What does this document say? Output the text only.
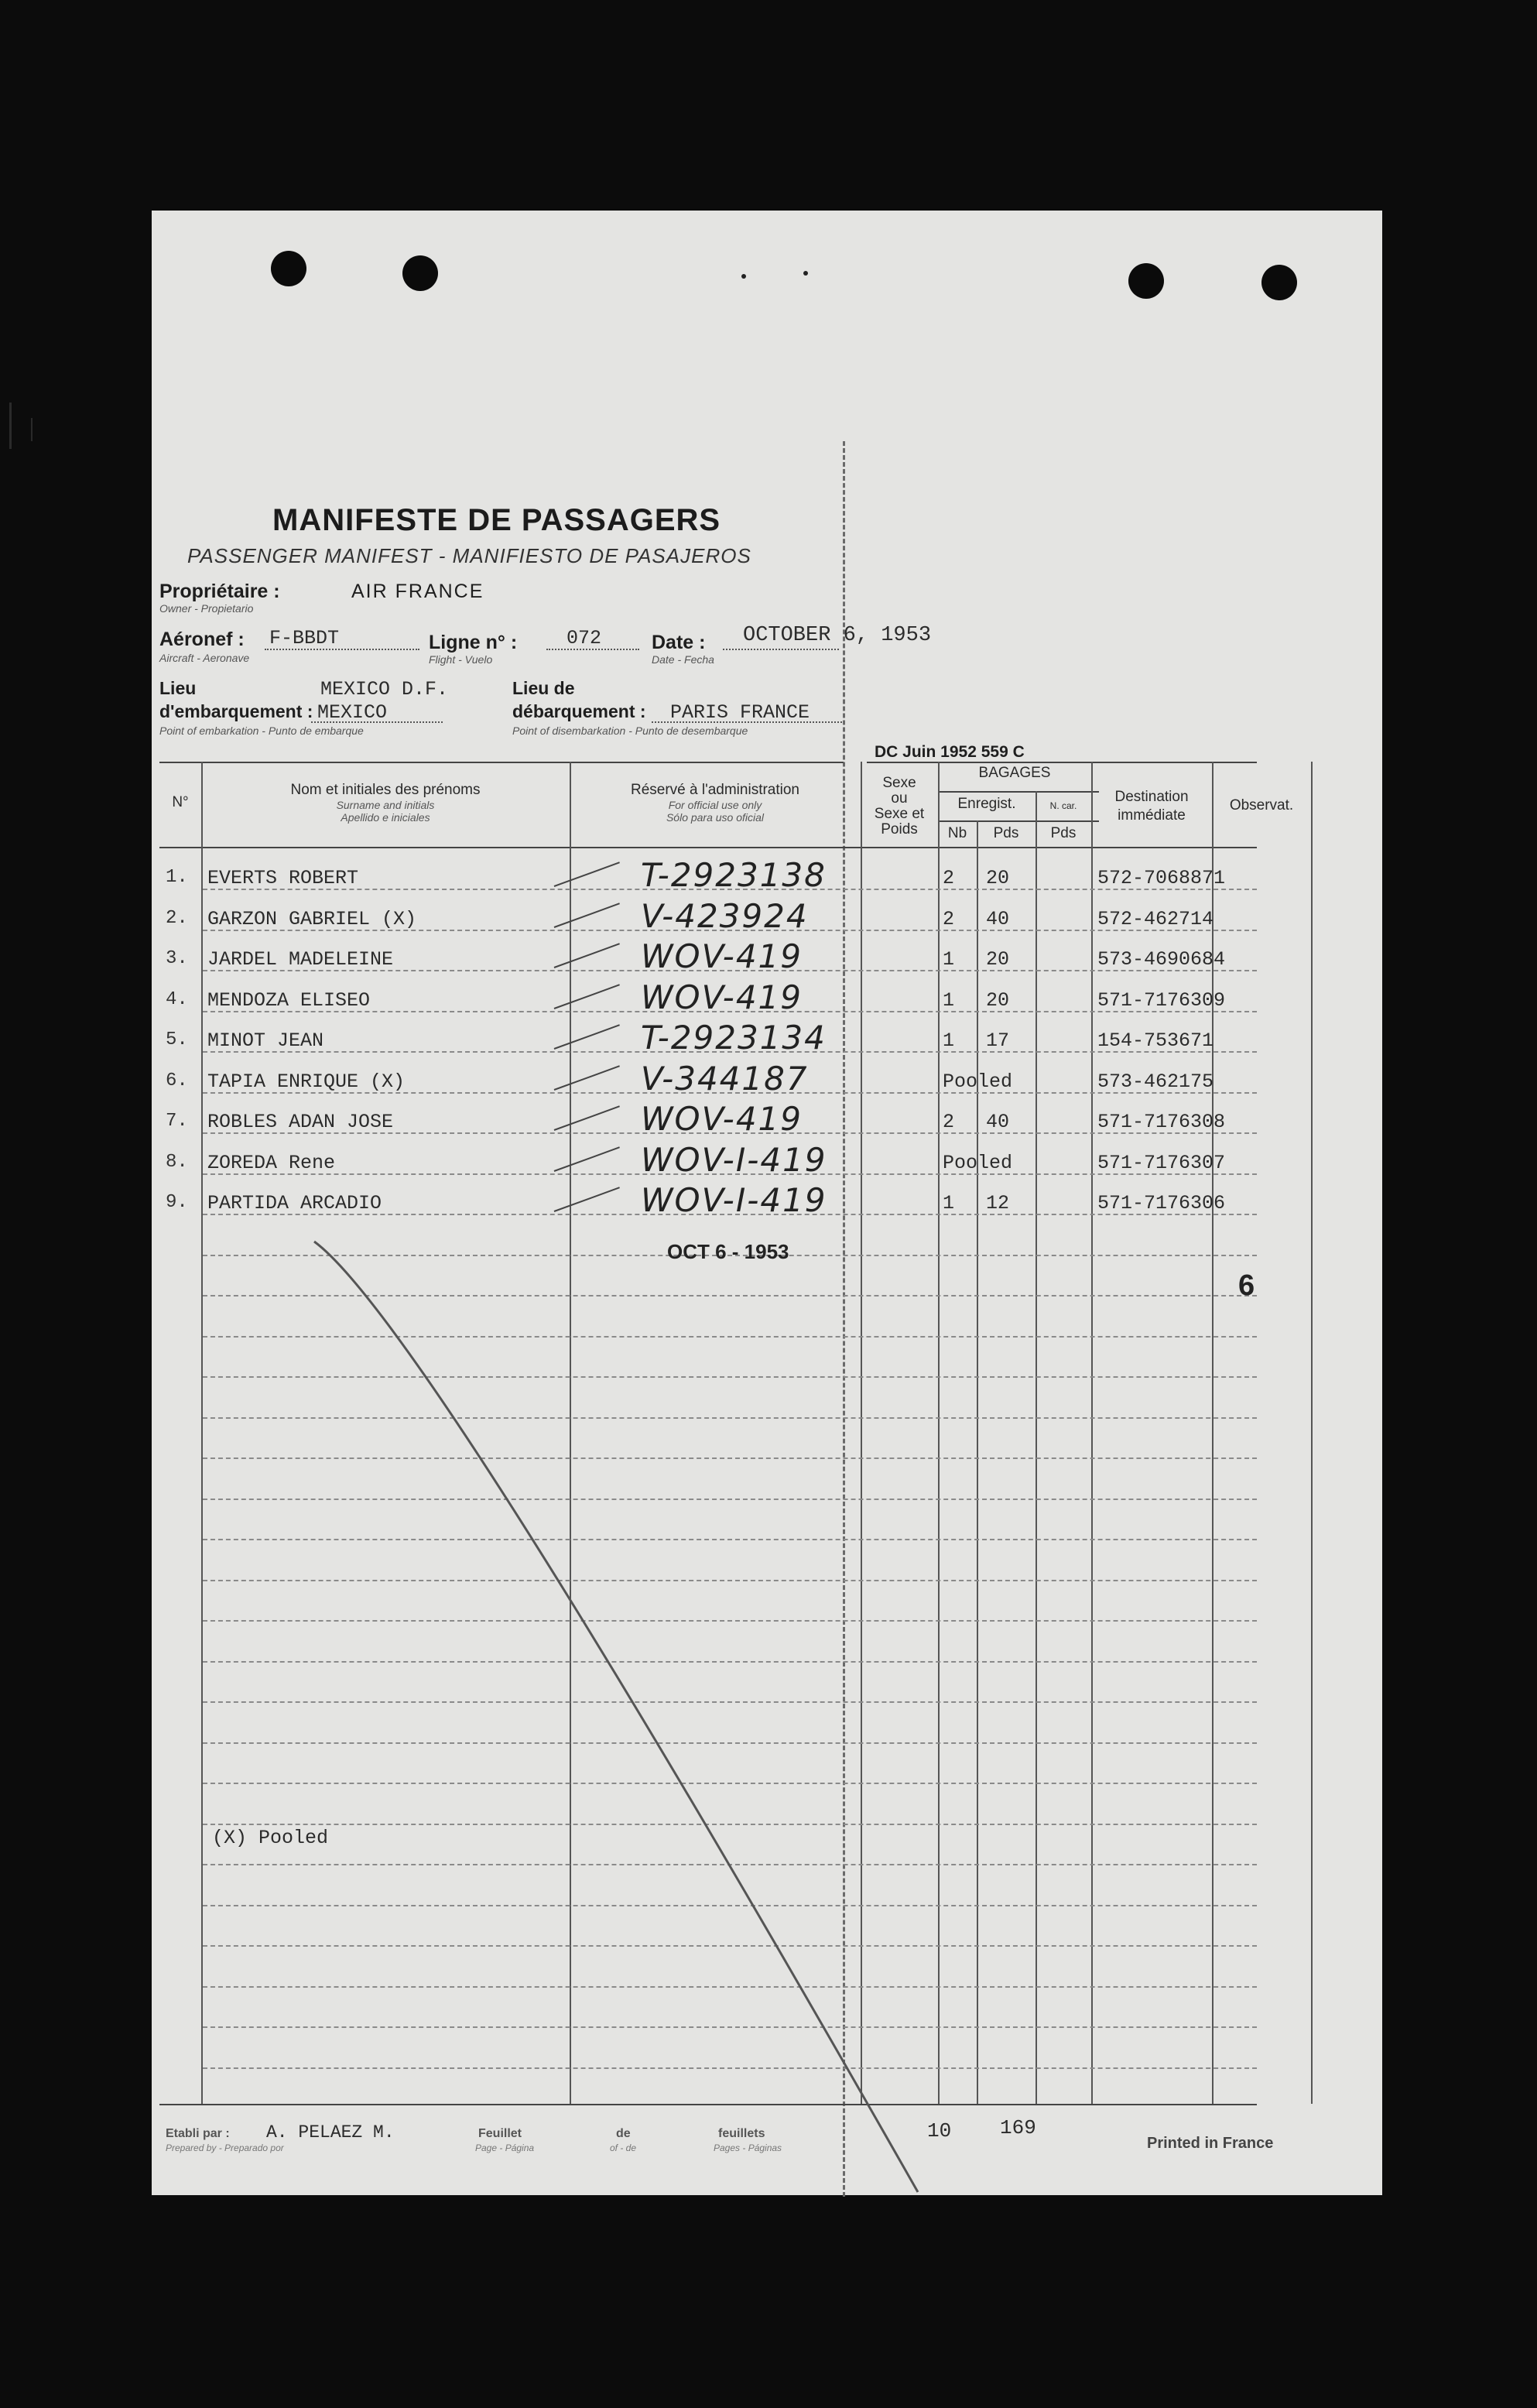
MANIFESTE DE PASSAGERS
PASSENGER MANIFEST - MANIFIESTO DE PASAJEROS
Propriétaire :
Owner - Propietario
AIR FRANCE
Aéronef :
Aircraft - Aeronave
F-BBDT	Ligne n° :
Flight - Vuelo
072	Date :
Date - Fecha
OCTOBER 6, 1953
Lieu
d'embarquement :
Point of embarkation - Punto de embarque
MEXICO D.F.
MEXICO
Lieu de
débarquement :
Point of disembarkation - Punto de desembarque
PARIS FRANCE
DC Juin 1952 559 C
N°
Nom et initiales des prénoms
Surname and initials
Apellido e iniciales
Réservé à l'administration
For official use only
Sólo para uso oficial
Sexe
ou
Sexe et
Poids
BAGAGES
Enregist.	N. car.
Nb	Pds	Pds
Destination
immédiate
Observat.
1. EVERTS ROBERT	T-2923138	2 20	572-7068871
2. GARZON GABRIEL (X)	V-423924	2 40	572-462714
3. JARDEL MADELEINE	WOV-419	1 20	573-4690684
4. MENDOZA ELISEO	WOV-419	1 20	571-7176309
5. MINOT JEAN	T-2923134	1 17	154-753671
6. TAPIA ENRIQUE (X)	V-344187	Pooled	573-462175
7. ROBLES ADAN JOSE	WOV-419	2 40	571-7176308
8. ZOREDA Rene	WOV-I-419	Pooled	571-7176307
9. PARTIDA ARCADIO	WOV-I-419	1 12	571-7176306
OCT 6 - 1953
6
(X) Pooled
Etabli par :
Prepared by - Preparado por
A. PELAEZ M.	Feuillet
Page - Página
de
of - de
feuillets
Pages - Páginas
10 169
Printed in France
